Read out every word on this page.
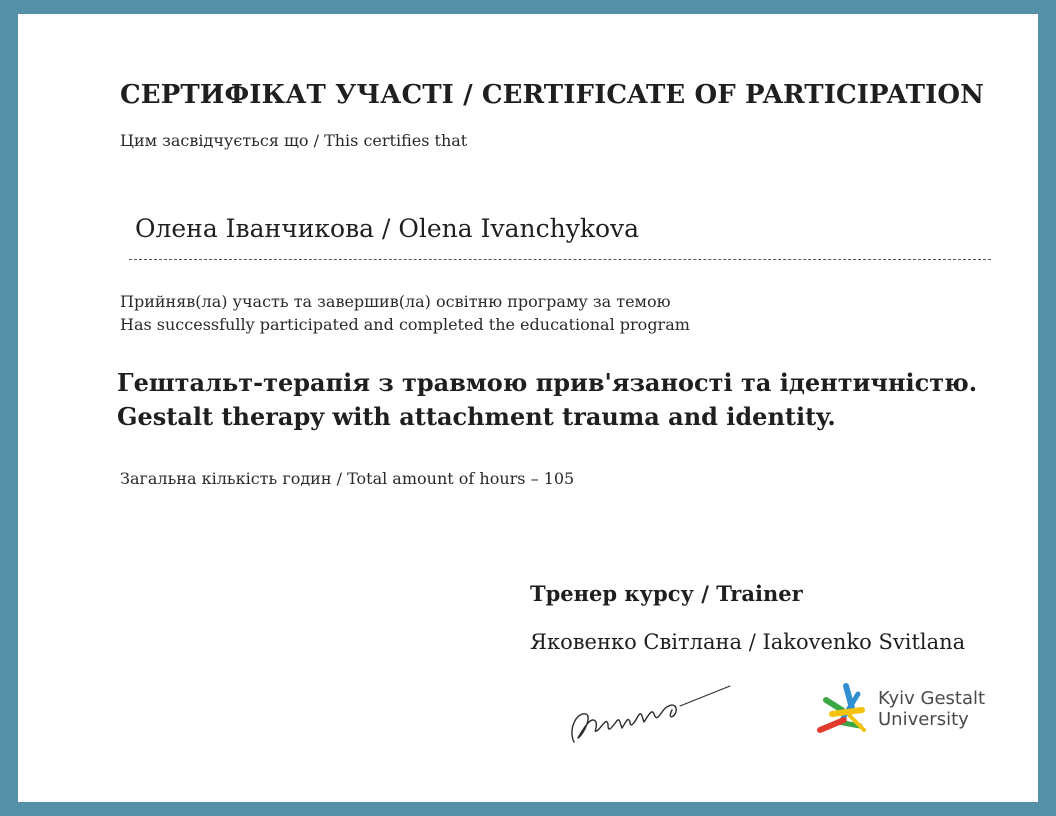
СЕРТИФІКАТ УЧАСТІ / CERTIFICATE OF PARTICIPATION
Цим засвідчується що / This certifies that
Олена Іванчикова / Olena Ivanchykova
Прийняв(ла) участь та завершив(ла) освітню програму за темою
Has successfully participated and completed the educational program
Гештальт-терапія з травмою прив'язаності та ідентичністю.
Gestalt therapy with attachment trauma and identity.
Загальна кількість годин / Total amount of hours – 105
Тренер курсу / Trainer
Яковенко Світлана / Iakovenko Svitlana
Kyiv Gestalt
University
